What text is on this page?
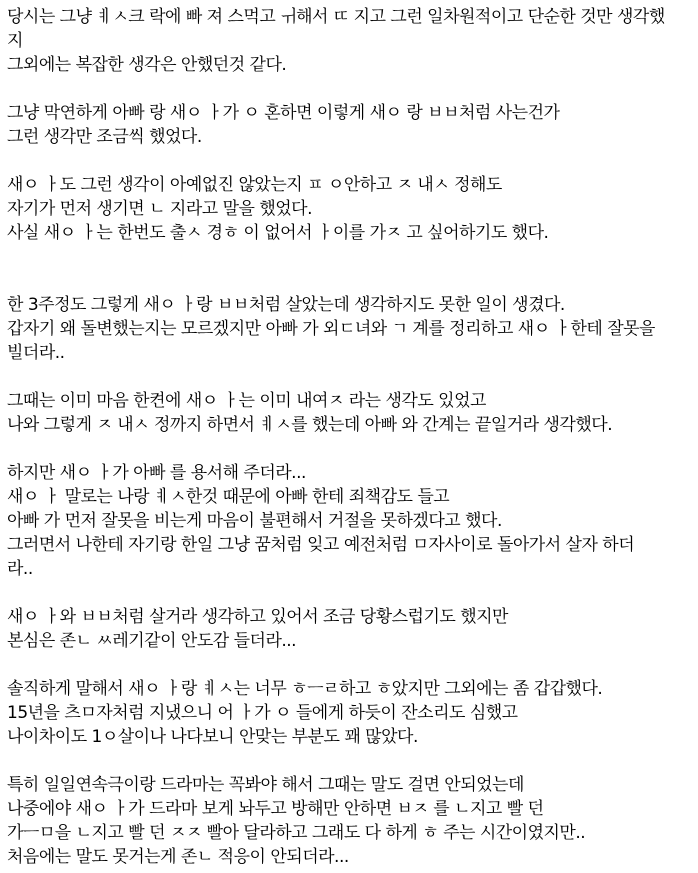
당시는 그냥 ㅖㅅ크 락에 빠 져 스먹고 ㅟ해서 ㄸ 지고 그런 일차원적이고 단순한 것만 생각했
지
그외에는 복잡한 생각은 안했던것 같다.
그냥 막연하게 아빠 랑 새ㅇ ㅏ가 ㅇ 혼하면 이렇게 새ㅇ 랑 ㅂㅂ처럼 사는건가
그런 생각만 조금씩 했었다.
새ㅇ ㅏ도 그런 생각이 아예없진 않았는지 ㅍ ㅇ안하고 ㅈ 내ㅅ 정해도
자기가 먼저 생기면 ㄴ 지라고 말을 했었다.
사실 새ㅇ ㅏ는 한번도 출ㅅ 경ㅎ 이 없어서 ㅏ이를 가ㅈ 고 싶어하기도 했다.
한 3주정도 그렇게 새ㅇ ㅏ랑 ㅂㅂ처럼 살았는데 생각하지도 못한 일이 생겼다.
갑자기 왜 돌변했는지는 모르겠지만 아빠 가 외ㄷ녀와 ㄱ 계를 정리하고 새ㅇ ㅏ한테 잘못을
빌더라..
그때는 이미 마음 한켠에 새ㅇ ㅏ는 이미 내여ㅈ 라는 생각도 있었고
나와 그렇게 ㅈ 내ㅅ 정까지 하면서 ㅖㅅ를 했는데 아빠 와 간계는 끝일거라 생각했다.
하지만 새ㅇ ㅏ가 아빠 를 용서해 주더라...
새ㅇ ㅏ 말로는 나랑 ㅖㅅ한것 때문에 아빠 한테 죄책감도 들고
아빠 가 먼저 잘못을 비는게 마음이 불편해서 거절을 못하겠다고 했다.
그러면서 나한테 자기랑 한일 그냥 꿈처럼 잊고 예전처럼 ㅁ자사이로 돌아가서 살자 하더
라..
새ㅇ ㅏ와 ㅂㅂ처럼 살거라 생각하고 있어서 조금 당황스럽기도 했지만
본심은 존ㄴ ㅆ레기같이 안도감 들더라...
솔직하게 말해서 새ㅇ ㅏ랑 ㅖㅅ는 너무 ㅎㅡㄹ하고 ㅎ았지만 그외에는 좀 갑갑했다.
15년을 츠ㅁ자처럼 지냈으니 어 ㅏ가 ㅇ 들에게 하듯이 잔소리도 심했고
나이차이도 1ㅇ살이나 나다보니 안맞는 부분도 꽤 많았다.
특히 일일연속극이랑 드라마는 꼭봐야 해서 그때는 말도 걸면 안되었는데
나중에야 새ㅇ ㅏ가 드라마 보게 놔두고 방해만 안하면 ㅂㅈ 를 ㄴ지고 빨 던
가ㅡㅁ을 ㄴ지고 빨 던 ㅈㅈ 빨아 달라하고 그래도 다 하게 ㅎ 주는 시간이였지만..
처음에는 말도 못거는게 존ㄴ 적응이 안되더라...
